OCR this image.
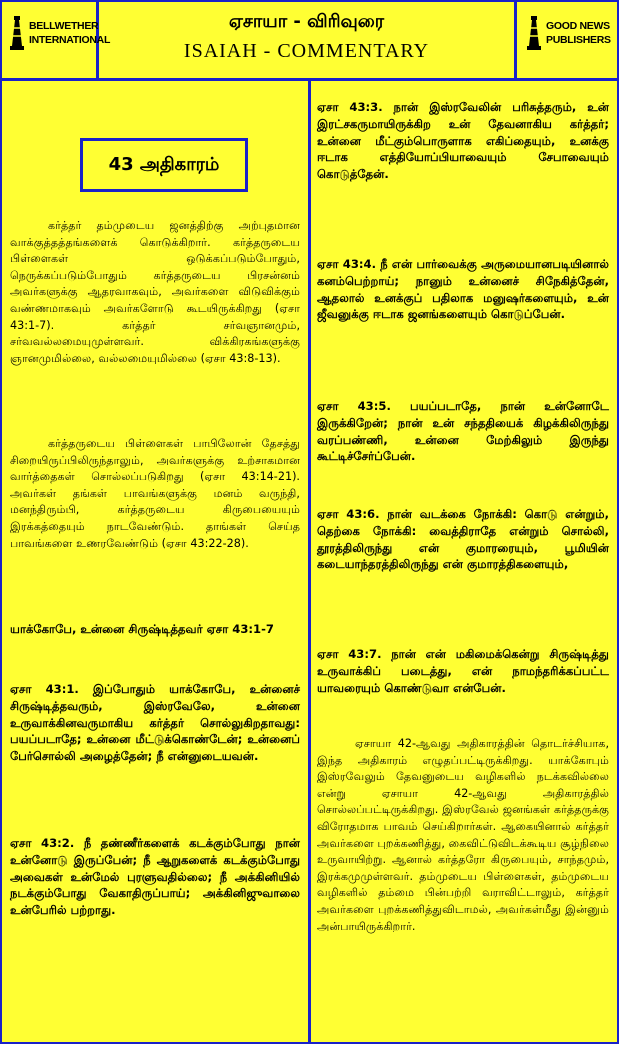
BELLWETHER
INTERNATIONAL
ஏசாயா - விரிவுரை
ISAIAH - COMMENTARY
GOOD NEWS
PUBLISHERS
43 அதிகாரம்
கர்த்தர் தம்முடைய ஜனத்திற்கு அற்புதமான வாக்குத்தத்தங்களைக் கொடுக்கிறார். கர்த்தருடைய பிள்ளைகள் ஒடுக்கப்படும்போதும், நெருக்கப்படும்போதும் கர்த்தருடைய பிரசன்னம் அவர்களுக்கு ஆதரவாகவும், அவர்களை விடுவிக்கும் வண்ணமாகவும் அவர்களோடு கூடயிருக்கிறது (ஏசா 43:1-7). கர்த்தர் சர்வஞானமும், சர்வவல்லமையுமுள்ளவர். விக்கிரகங்களுக்கு ஞானமுமில்லை, வல்லமையுமில்லை (ஏசா 43:8-13).
கர்த்தருடைய பிள்ளைகள் பாபிலோன் தேசத்து சிறையிருப்பிலிருந்தாலும், அவர்களுக்கு உற்சாகமான வார்த்தைகள் சொல்லப்படுகிறது (ஏசா 43:14-21). அவர்கள் தங்கள் பாவங்களுக்கு மனம் வருந்தி, மனந்திரும்பி, கர்த்தருடைய கிருபையையும் இரக்கத்தையும் நாடவேண்டும். தாங்கள் செய்த பாவங்களை உணரவேண்டும் (ஏசா 43:22-28).
யாக்கோபே, உன்னை சிருஷ்டித்தவர் ஏசா 43:1-7
ஏசா 43:1. இப்போதும் யாக்கோபே, உன்னைச் சிருஷ்டித்தவரும், இஸ்ரவேலே, உன்னை உருவாக்கினவருமாகிய கர்த்தர் சொல்லுகிறதாவது: பயப்படாதே; உன்னை மீட்டுக்கொண்டேன்; உன்னைப் பேர்சொல்லி அழைத்தேன்; நீ என்னுடையவன்.
ஏசா 43:2. நீ தண்ணீர்களைக் கடக்கும்போது நான் உன்னோடு இருப்பேன்; நீ ஆறுகளைக் கடக்கும்போது அவைகள் உன்மேல் புரளுவதில்லை; நீ அக்கினியில் நடக்கும்போது வேகாதிருப்பாய்; அக்கினிஜுவாலை உன்பேரில் பற்றாது.
ஏசா 43:3. நான் இஸ்ரவேலின் பரிசுத்தரும், உன் இரட்சகருமாயிருக்கிற உன் தேவனாகிய கர்த்தர்; உன்னை மீட்கும்பொருளாக எகிப்தையும், உனக்கு ஈடாக எத்தியோப்பியாவையும் சேபாவையும் கொடுத்தேன்.
ஏசா 43:4. நீ என் பார்வைக்கு அருமையானபடியினால் கனம்பெற்றாய்; நானும் உன்னைச் சிநேகித்தேன், ஆதலால் உனக்குப் பதிலாக மனுஷர்களையும், உன் ஜீவனுக்கு ஈடாக ஜனங்களையும் கொடுப்பேன்.
ஏசா 43:5. பயப்படாதே, நான் உன்னோடே இருக்கிறேன்; நான் உன் சந்ததியைக் கிழக்கிலிருந்து வரப்பண்ணி, உன்னை மேற்கிலும் இருந்து கூட்டிச்சேர்ப்பேன்.
ஏசா 43:6. நான் வடக்கை நோக்கி: கொடு என்றும், தெற்கை நோக்கி: வைத்திராதே என்றும் சொல்லி, தூரத்திலிருந்து என் குமாரரையும், பூமியின் கடையாந்தரத்திலிருந்து என் குமாரத்திகளையும்,
ஏசா 43:7. நான் என் மகிமைக்கென்று சிருஷ்டித்து உருவாக்கிப் படைத்து, என் நாமந்தரிக்கப்பட்ட யாவரையும் கொண்டுவா என்பேன்.
ஏசாயா 42-ஆவது அதிகாரத்தின் தொடர்ச்சியாக, இந்த அதிகாரம் எழுதப்பட்டிருக்கிறது. யாக்கோபும் இஸ்ரவேலும் தேவனுடைய வழிகளில் நடக்கவில்லை என்று ஏசாயா 42-ஆவது அதிகாரத்தில் சொல்லப்பட்டிருக்கிறது. இஸ்ரவேல் ஜனங்கள் கர்த்தருக்கு விரோதமாக பாவம் செய்கிறார்கள். ஆகையினால் கர்த்தர் அவர்களை புறக்கணித்து, கைவிட்டுவிடக்கூடிய சூழ்நிலை உருவாயிற்று. ஆனால் கர்த்தரோ கிருபையும், சாந்தமும், இரக்கமுமுள்ளவர். தம்முடைய பிள்ளைகள், தம்முடைய வழிகளில் தம்மை பின்பற்றி வராவிட்டாலும், கர்த்தர் அவர்களை புறக்கணித்துவிடாமல், அவர்கள்மீது இன்னும் அன்பாயிருக்கிறார்.
